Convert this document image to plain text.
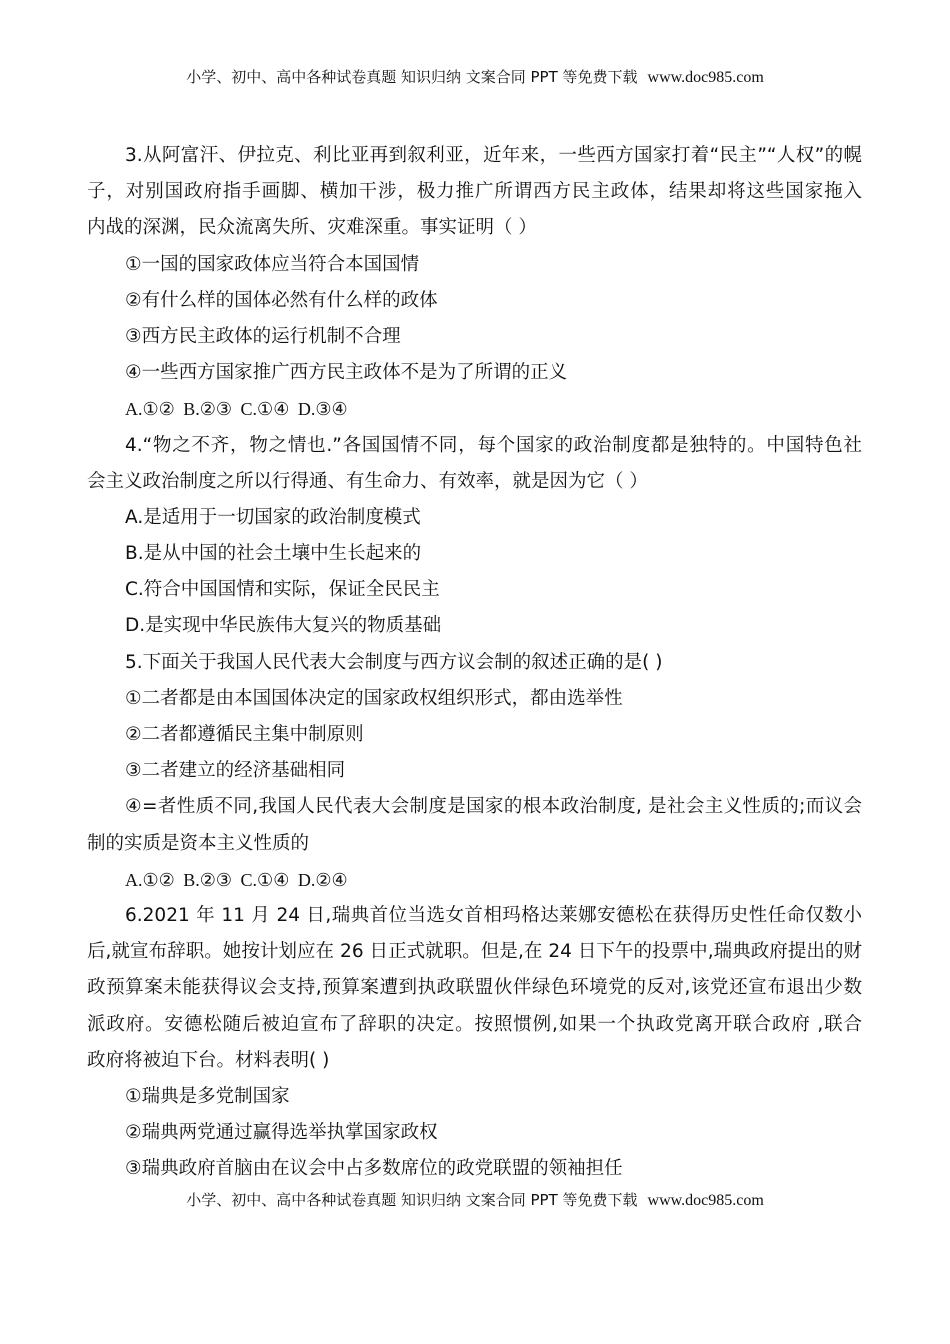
小学、初中、高中各种试卷真题 知识归纳 文案合同 PPT 等免费下载 www.doc985.com
3.从阿富汗、伊拉克、利比亚再到叙利亚，近年来，一些西方国家打着“民主”“人权”的幌
子，对别国政府指手画脚、横加干涉，极力推广所谓西方民主政体，结果却将这些国家拖入
内战的深渊，民众流离失所、灾难深重。事实证明（ ）
①一国的国家政体应当符合本国国情
②有什么样的国体必然有什么样的政体
③西方民主政体的运行机制不合理
④一些西方国家推广西方民主政体不是为了所谓的正义
A.①② B.②③ C.①④ D.③④
4.“物之不齐，物之情也.”各国国情不同，每个国家的政治制度都是独特的。中国特色社
会主义政治制度之所以行得通、有生命力、有效率，就是因为它（ ）
A.是适用于一切国家的政治制度模式
B.是从中国的社会土壤中生长起来的
C.符合中国国情和实际，保证全民民主
D.是实现中华民族伟大复兴的物质基础
5.下面关于我国人民代表大会制度与西方议会制的叙述正确的是( )
①二者都是由本国国体决定的国家政权组织形式，都由选举性
②二者都遵循民主集中制原则
③二者建立的经济基础相同
④=者性质不同,我国人民代表大会制度是国家的根本政治制度, 是社会主义性质的;而议会
制的实质是资本主义性质的
A.①② B.②③ C.①④ D.②④
6.2021 年 11 月 24 日,瑞典首位当选女首相玛格达莱娜安德松在获得历史性任命仅数小
后,就宣布辞职。她按计划应在 26 日正式就职。但是,在 24 日下午的投票中,瑞典政府提出的财
政预算案未能获得议会支持,预算案遭到执政联盟伙伴绿色环境党的反对,该党还宣布退出少数
派政府。安德松随后被迫宣布了辞职的决定。按照惯例,如果一个执政党离开联合政府 ,联合
政府将被迫下台。材料表明( )
①瑞典是多党制国家
②瑞典两党通过赢得选举执掌国家政权
③瑞典政府首脑由在议会中占多数席位的政党联盟的领袖担任
小学、初中、高中各种试卷真题 知识归纳 文案合同 PPT 等免费下载 www.doc985.com
